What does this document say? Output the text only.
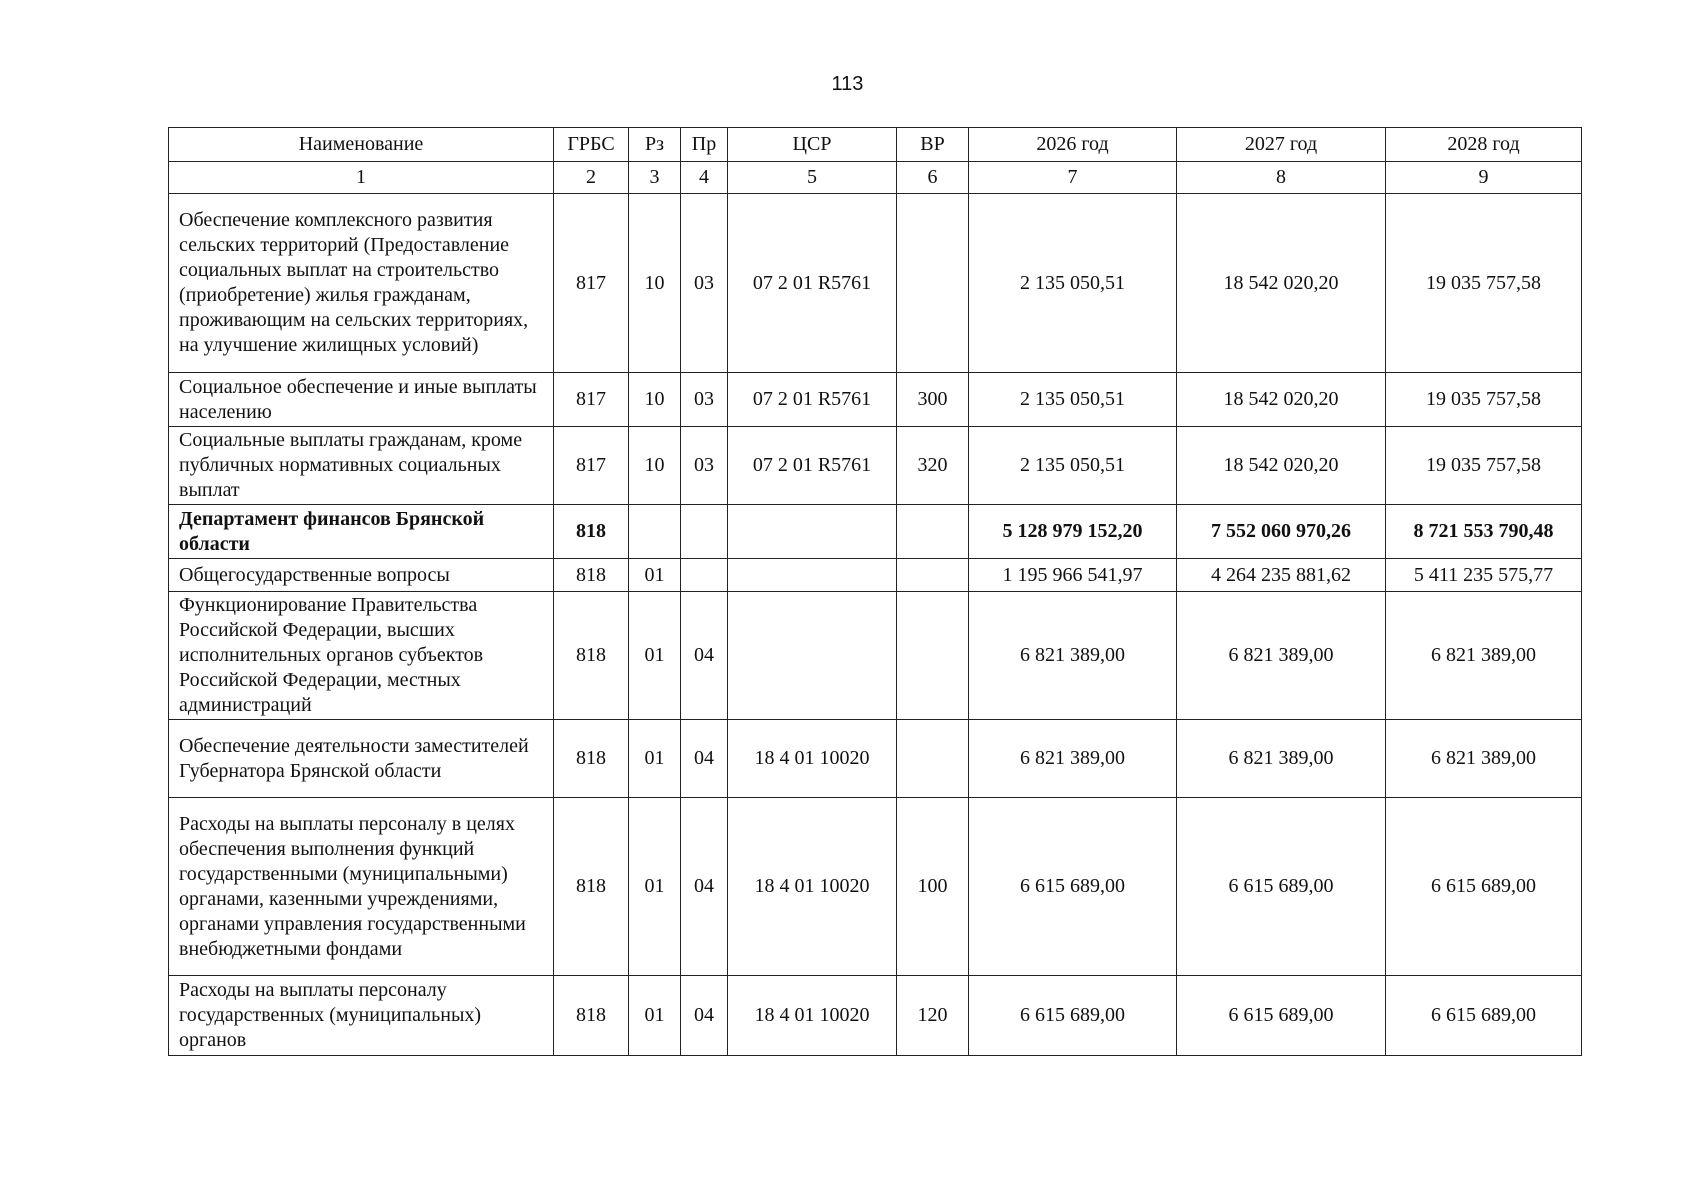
113
Наименование	ГРБС	Рз	Пр	ЦСР	ВР	2026 год	2027 год	2028 год
1	2	3	4	5	6	7	8	9
Обеспечение комплексного развития сельских территорий (Предоставление социальных выплат на строительство (приобретение) жилья гражданам, проживающим на сельских территориях, на улучшение жилищных условий)	817	10	03	07 2 01 R5761		2 135 050,51	18 542 020,20	19 035 757,58
Социальное обеспечение и иные выплаты населению	817	10	03	07 2 01 R5761	300	2 135 050,51	18 542 020,20	19 035 757,58
Социальные выплаты гражданам, кроме публичных нормативных социальных выплат	817	10	03	07 2 01 R5761	320	2 135 050,51	18 542 020,20	19 035 757,58
Департамент финансов Брянской области	818					5 128 979 152,20	7 552 060 970,26	8 721 553 790,48
Общегосударственные вопросы	818	01				1 195 966 541,97	4 264 235 881,62	5 411 235 575,77
Функционирование Правительства Российской Федерации, высших исполнительных органов субъектов Российской Федерации, местных администраций	818	01	04			6 821 389,00	6 821 389,00	6 821 389,00
Обеспечение деятельности заместителей Губернатора Брянской области	818	01	04	18 4 01 10020		6 821 389,00	6 821 389,00	6 821 389,00
Расходы на выплаты персоналу в целях обеспечения выполнения функций государственными (муниципальными) органами, казенными учреждениями, органами управления государственными внебюджетными фондами	818	01	04	18 4 01 10020	100	6 615 689,00	6 615 689,00	6 615 689,00
Расходы на выплаты персоналу государственных (муниципальных) органов	818	01	04	18 4 01 10020	120	6 615 689,00	6 615 689,00	6 615 689,00
